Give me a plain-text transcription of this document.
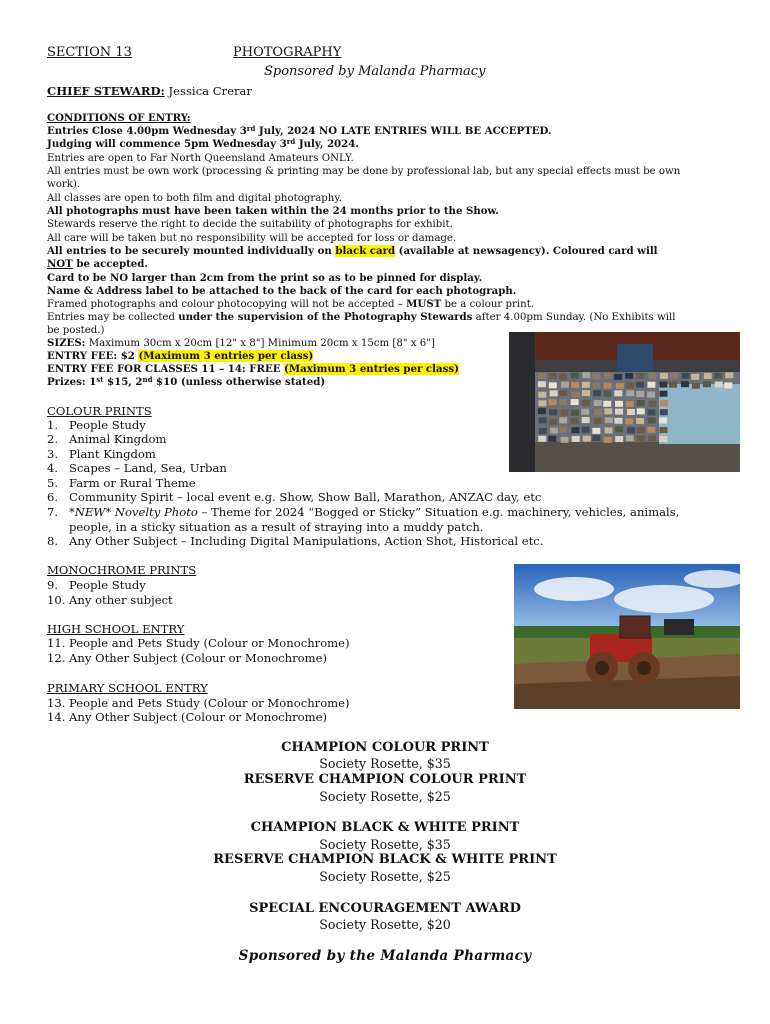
SECTION 13	PHOTOGRAPHY
Sponsored by Malanda Pharmacy
CHIEF STEWARD: Jessica Crerar
CONDITIONS OF ENTRY:
Entries Close 4.00pm Wednesday 3rd July, 2024 NO LATE ENTRIES WILL BE ACCEPTED.
Judging will commence 5pm Wednesday 3rd July, 2024.
Entries are open to Far North Queensland Amateurs ONLY.
All entries must be own work (processing & printing may be done by professional lab, but any special effects must be own
work).
All classes are open to both film and digital photography.
All photographs must have been taken within the 24 months prior to the Show.
Stewards reserve the right to decide the suitability of photographs for exhibit.
All care will be taken but no responsibility will be accepted for loss or damage.
All entries to be securely mounted individually on black card (available at newsagency). Coloured card will
NOT be accepted.
Card to be NO larger than 2cm from the print so as to be pinned for display.
Name & Address label to be attached to the back of the card for each photograph.
Framed photographs and colour photocopying will not be accepted – MUST be a colour print.
Entries may be collected under the supervision of the Photography Stewards after 4.00pm Sunday. (No Exhibits will
be posted.)
SIZES: Maximum 30cm x 20cm [12" x 8"] Minimum 20cm x 15cm [8" x 6"]
ENTRY FEE: $2 (Maximum 3 entries per class)
ENTRY FEE FOR CLASSES 11 – 14: FREE (Maximum 3 entries per class)
Prizes: 1st $15, 2nd $10 (unless otherwise stated)
COLOUR PRINTS
1. People Study
2. Animal Kingdom
3. Plant Kingdom
4. Scapes – Land, Sea, Urban
5. Farm or Rural Theme
6. Community Spirit – local event e.g. Show, Show Ball, Marathon, ANZAC day, etc
7. *NEW* Novelty Photo – Theme for 2024 “Bogged or Sticky” Situation e.g. machinery, vehicles, animals,
people, in a sticky situation as a result of straying into a muddy patch.
8. Any Other Subject – Including Digital Manipulations, Action Shot, Historical etc.
MONOCHROME PRINTS
9. People Study
10. Any other subject
HIGH SCHOOL ENTRY
11. People and Pets Study (Colour or Monochrome)
12. Any Other Subject (Colour or Monochrome)
PRIMARY SCHOOL ENTRY
13. People and Pets Study (Colour or Monochrome)
14. Any Other Subject (Colour or Monochrome)
CHAMPION COLOUR PRINT
Society Rosette, $35
RESERVE CHAMPION COLOUR PRINT
Society Rosette, $25
CHAMPION BLACK & WHITE PRINT
Society Rosette, $35
RESERVE CHAMPION BLACK & WHITE PRINT
Society Rosette, $25
SPECIAL ENCOURAGEMENT AWARD
Society Rosette, $20
Sponsored by the Malanda Pharmacy
